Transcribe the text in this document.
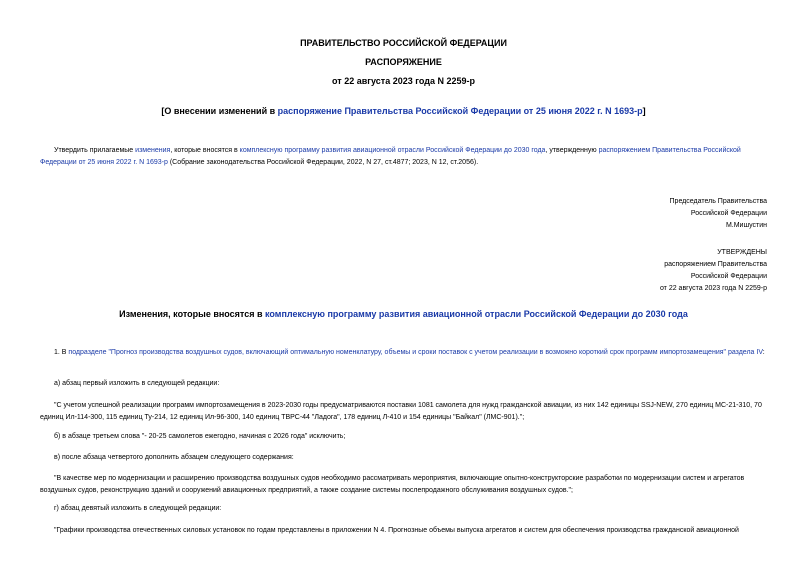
ПРАВИТЕЛЬСТВО РОССИЙСКОЙ ФЕДЕРАЦИИ
РАСПОРЯЖЕНИЕ
от 22 августа 2023 года N 2259-р
[О внесении изменений в распоряжение Правительства Российской Федерации от 25 июня 2022 г. N 1693-р]
Утвердить прилагаемые изменения, которые вносятся в комплексную программу развития авиационной отрасли Российской Федерации до 2030 года, утвержденную распоряжением Правительства Российской Федерации от 25 июня 2022 г. N 1693-р (Собрание законодательства Российской Федерации, 2022, N 27, ст.4877; 2023, N 12, ст.2056).
Председатель Правительства
Российской Федерации
М.Мишустин
УТВЕРЖДЕНЫ
распоряжением Правительства
Российской Федерации
от 22 августа 2023 года N 2259-р
Изменения, которые вносятся в комплексную программу развития авиационной отрасли Российской Федерации до 2030 года
1. В подразделе "Прогноз производства воздушных судов, включающий оптимальную номенклатуру, объемы и сроки поставок с учетом реализации в возможно короткий срок программ импортозамещения" раздела IV:
а) абзац первый изложить в следующей редакции:
"С учетом успешной реализации программ импортозамещения в 2023-2030 годы предусматриваются поставки 1081 самолета для нужд гражданской авиации, из них 142 единицы SSJ-NEW, 270 единиц МС-21-310, 70 единиц Ил-114-300, 115 единиц Ту-214, 12 единиц Ил-96-300, 140 единиц ТВРС-44 "Ладога", 178 единиц Л-410 и 154 единицы "Байкал" (ЛМС-901).";
б) в абзаце третьем слова "- 20-25 самолетов ежегодно, начиная с 2026 года" исключить;
в) после абзаца четвертого дополнить абзацем следующего содержания:
"В качестве мер по модернизации и расширению производства воздушных судов необходимо рассматривать мероприятия, включающие опытно-конструкторские разработки по модернизации систем и агрегатов воздушных судов, реконструкцию зданий и сооружений авиационных предприятий, а также создание системы послепродажного обслуживания воздушных судов.";
г) абзац девятый изложить в следующей редакции:
"Графики производства отечественных силовых установок по годам представлены в приложении N 4. Прогнозные объемы выпуска агрегатов и систем для обеспечения производства гражданской авиационной
